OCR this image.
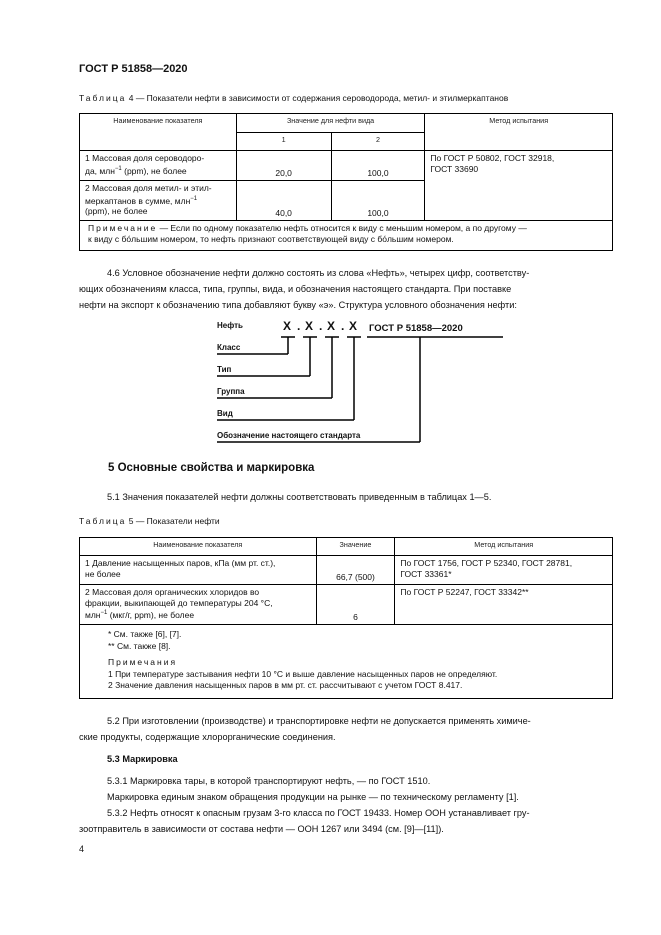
ГОСТ Р 51858—2020
Таблица 4 — Показатели нефти в зависимости от содержания сероводорода, метил- и этилмеркаптанов
Наименование показателя	Значение для нефти вида		Метод испытания
	1	2	
1 Массовая доля сероводоро-
да, млн$^{-1}$ (ppm), не более	20,0	100,0	По ГОСТ Р 50802, ГОСТ 32918,
ГОСТ 33690
2 Массовая доля метил- и этил-
меркаптанов в сумме, млн$^{-1}$
(ppm), не более	40,0	100,0	
Примечание — Если по одному показателю нефть относится к виду с меньшим номером, а по другому —
к виду с бо́льшим номером, то нефть признают соответствующей виду с бо́льшим номером.			
4.6 Условное обозначение нефти должно состоять из слова «Нефть», четырех цифр, соответству-
ющих обозначениям класса, типа, группы, вида, и обозначения настоящего стандарта. При поставке
нефти на экспорт к обозначению типа добавляют букву «э». Структура условного обозначения нефти:
Нефть	X . X . X . X ГОСТ Р 51858—2020
Класс
Тип
Группа
Вид
Обозначение настоящего стандарта
5 Основные свойства и маркировка
5.1 Значения показателей нефти должны соответствовать приведенным в таблицах 1—5.
Таблица 5 — Показатели нефти
Наименование показателя	Значение	Метод испытания
1 Давление насыщенных паров, кПа (мм рт. ст.),
не более	66,7 (500)	По ГОСТ 1756, ГОСТ Р 52340, ГОСТ 28781,
ГОСТ 33361*
2 Массовая доля органических хлоридов во
фракции, выкипающей до температуры 204 °С,
млн$^{-1}$ (мкг/г, ppm), не более	6	По ГОСТ Р 52247, ГОСТ 33342**

* См. также [6], [7].
** См. также [8].
Примечания
1 При температуре застывания нефти 10 °С и выше давление насыщенных паров не определяют.
2 Значение давления насыщенных паров в мм рт. ст. рассчитывают с учетом ГОСТ 8.417.		
5.2 При изготовлении (производстве) и транспортировке нефти не допускается применять химиче-
ские продукты, содержащие хлорорганические соединения.
5.3 Маркировка
5.3.1 Маркировка тары, в которой транспортируют нефть, — по ГОСТ 1510.
Маркировка единым знаком обращения продукции на рынке — по техническому регламенту [1].
5.3.2 Нефть относят к опасным грузам 3-го класса по ГОСТ 19433. Номер ООН устанавливает гру-
зоотправитель в зависимости от состава нефти — ООН 1267 или 3494 (см. [9]—[11]).
4
